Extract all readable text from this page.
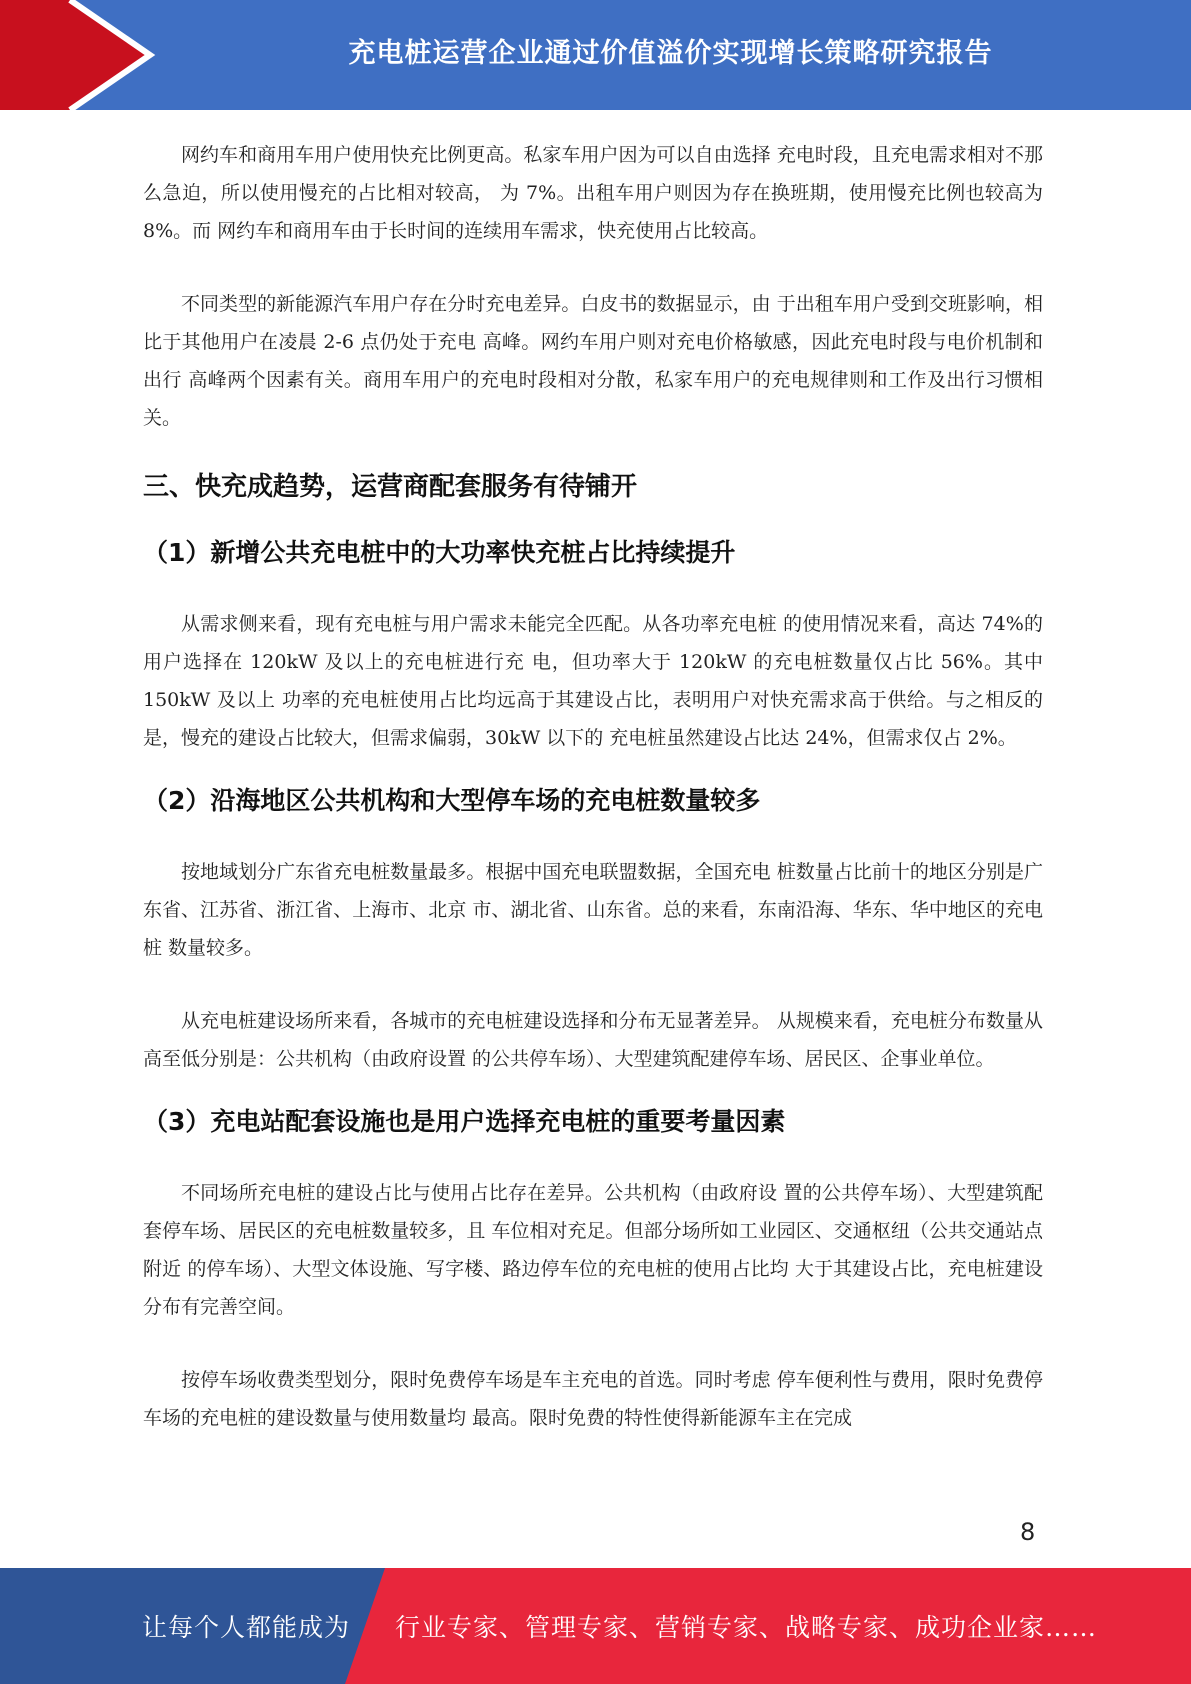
充电桩运营企业通过价值溢价实现增长策略研究报告

网约车和商用车用户使用快充比例更高。私家车用户因为可以自由选择 充电时段，且充电需求相对不那么急迫，所以使用慢充的占比相对较高， 为 7%。出租车用户则因为存在换班期，使用慢充比例也较高为 8%。而 网约车和商用车由于长时间的连续用车需求，快充使用占比较高。

不同类型的新能源汽车用户存在分时充电差异。白皮书的数据显示，由 于出租车用户受到交班影响，相比于其他用户在凌晨 2-6 点仍处于充电 高峰。网约车用户则对充电价格敏感，因此充电时段与电价机制和出行 高峰两个因素有关。商用车用户的充电时段相对分散，私家车用户的充电规律则和工作及出行习惯相关。

三、快充成趋势，运营商配套服务有待铺开
（1）新增公共充电桩中的大功率快充桩占比持续提升

从需求侧来看，现有充电桩与用户需求未能完全匹配。从各功率充电桩 的使用情况来看，高达 74%的用户选择在 120kW 及以上的充电桩进行充 电，但功率大于 120kW 的充电桩数量仅占比 56%。其中 150kW 及以上 功率的充电桩使用占比均远高于其建设占比，表明用户对快充需求高于供给。与之相反的是，慢充的建设占比较大，但需求偏弱，30kW 以下的 充电桩虽然建设占比达 24%，但需求仅占 2%。

（2）沿海地区公共机构和大型停车场的充电桩数量较多

按地域划分广东省充电桩数量最多。根据中国充电联盟数据，全国充电 桩数量占比前十的地区分别是广东省、江苏省、浙江省、上海市、北京 市、湖北省、山东省。总的来看，东南沿海、华东、华中地区的充电桩 数量较多。

从充电桩建设场所来看，各城市的充电桩建设选择和分布无显著差异。 从规模来看，充电桩分布数量从高至低分别是：公共机构（由政府设置 的公共停车场）、大型建筑配建停车场、居民区、企事业单位。

（3）充电站配套设施也是用户选择充电桩的重要考量因素

不同场所充电桩的建设占比与使用占比存在差异。公共机构（由政府设 置的公共停车场）、大型建筑配套停车场、居民区的充电桩数量较多，且 车位相对充足。但部分场所如工业园区、交通枢纽（公共交通站点附近 的停车场）、大型文体设施、写字楼、路边停车位的充电桩的使用占比均 大于其建设占比，充电桩建设分布有完善空间。

按停车场收费类型划分，限时免费停车场是车主充电的首选。同时考虑 停车便利性与费用，限时免费停车场的充电桩的建设数量与使用数量均 最高。限时免费的特性使得新能源车主在完成

8
让每个人都能成为 行业专家、管理专家、营销专家、战略专家、成功企业家……
